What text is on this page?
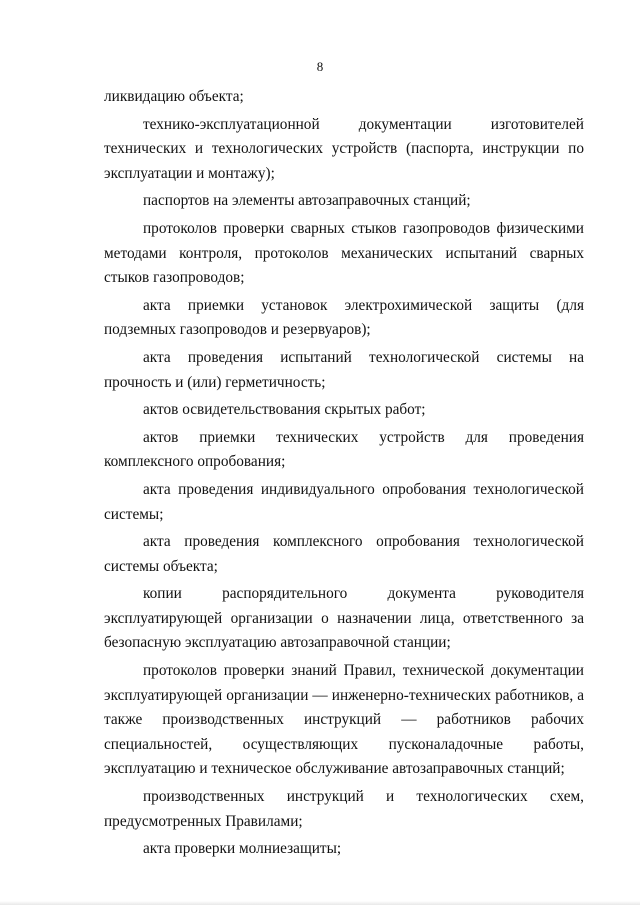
8

ликвидацию объекта;

технико-эксплуатационной документации изготовителей технических и технологических устройств (паспорта, инструкции по эксплуатации и монтажу);

паспортов на элементы автозаправочных станций;

протоколов проверки сварных стыков газопроводов физическими методами контроля, протоколов механических испытаний сварных стыков газопроводов;

акта приемки установок электрохимической защиты (для подземных газопроводов и резервуаров);

акта проведения испытаний технологической системы на прочность и (или) герметичность;

актов освидетельствования скрытых работ;

актов приемки технических устройств для проведения комплексного опробования;

акта проведения индивидуального опробования технологической системы;

акта проведения комплексного опробования технологической системы объекта;

копии распорядительного документа руководителя эксплуатирующей организации о назначении лица, ответственного за безопасную эксплуатацию автозаправочной станции;

протоколов проверки знаний Правил, технической документации эксплуатирующей организации — инженерно-технических работников, а также производственных инструкций — работников рабочих специальностей, осуществляющих пусконаладочные работы, эксплуатацию и техническое обслуживание автозаправочных станций;

производственных инструкций и технологических схем, предусмотренных Правилами;

акта проверки молниезащиты;
